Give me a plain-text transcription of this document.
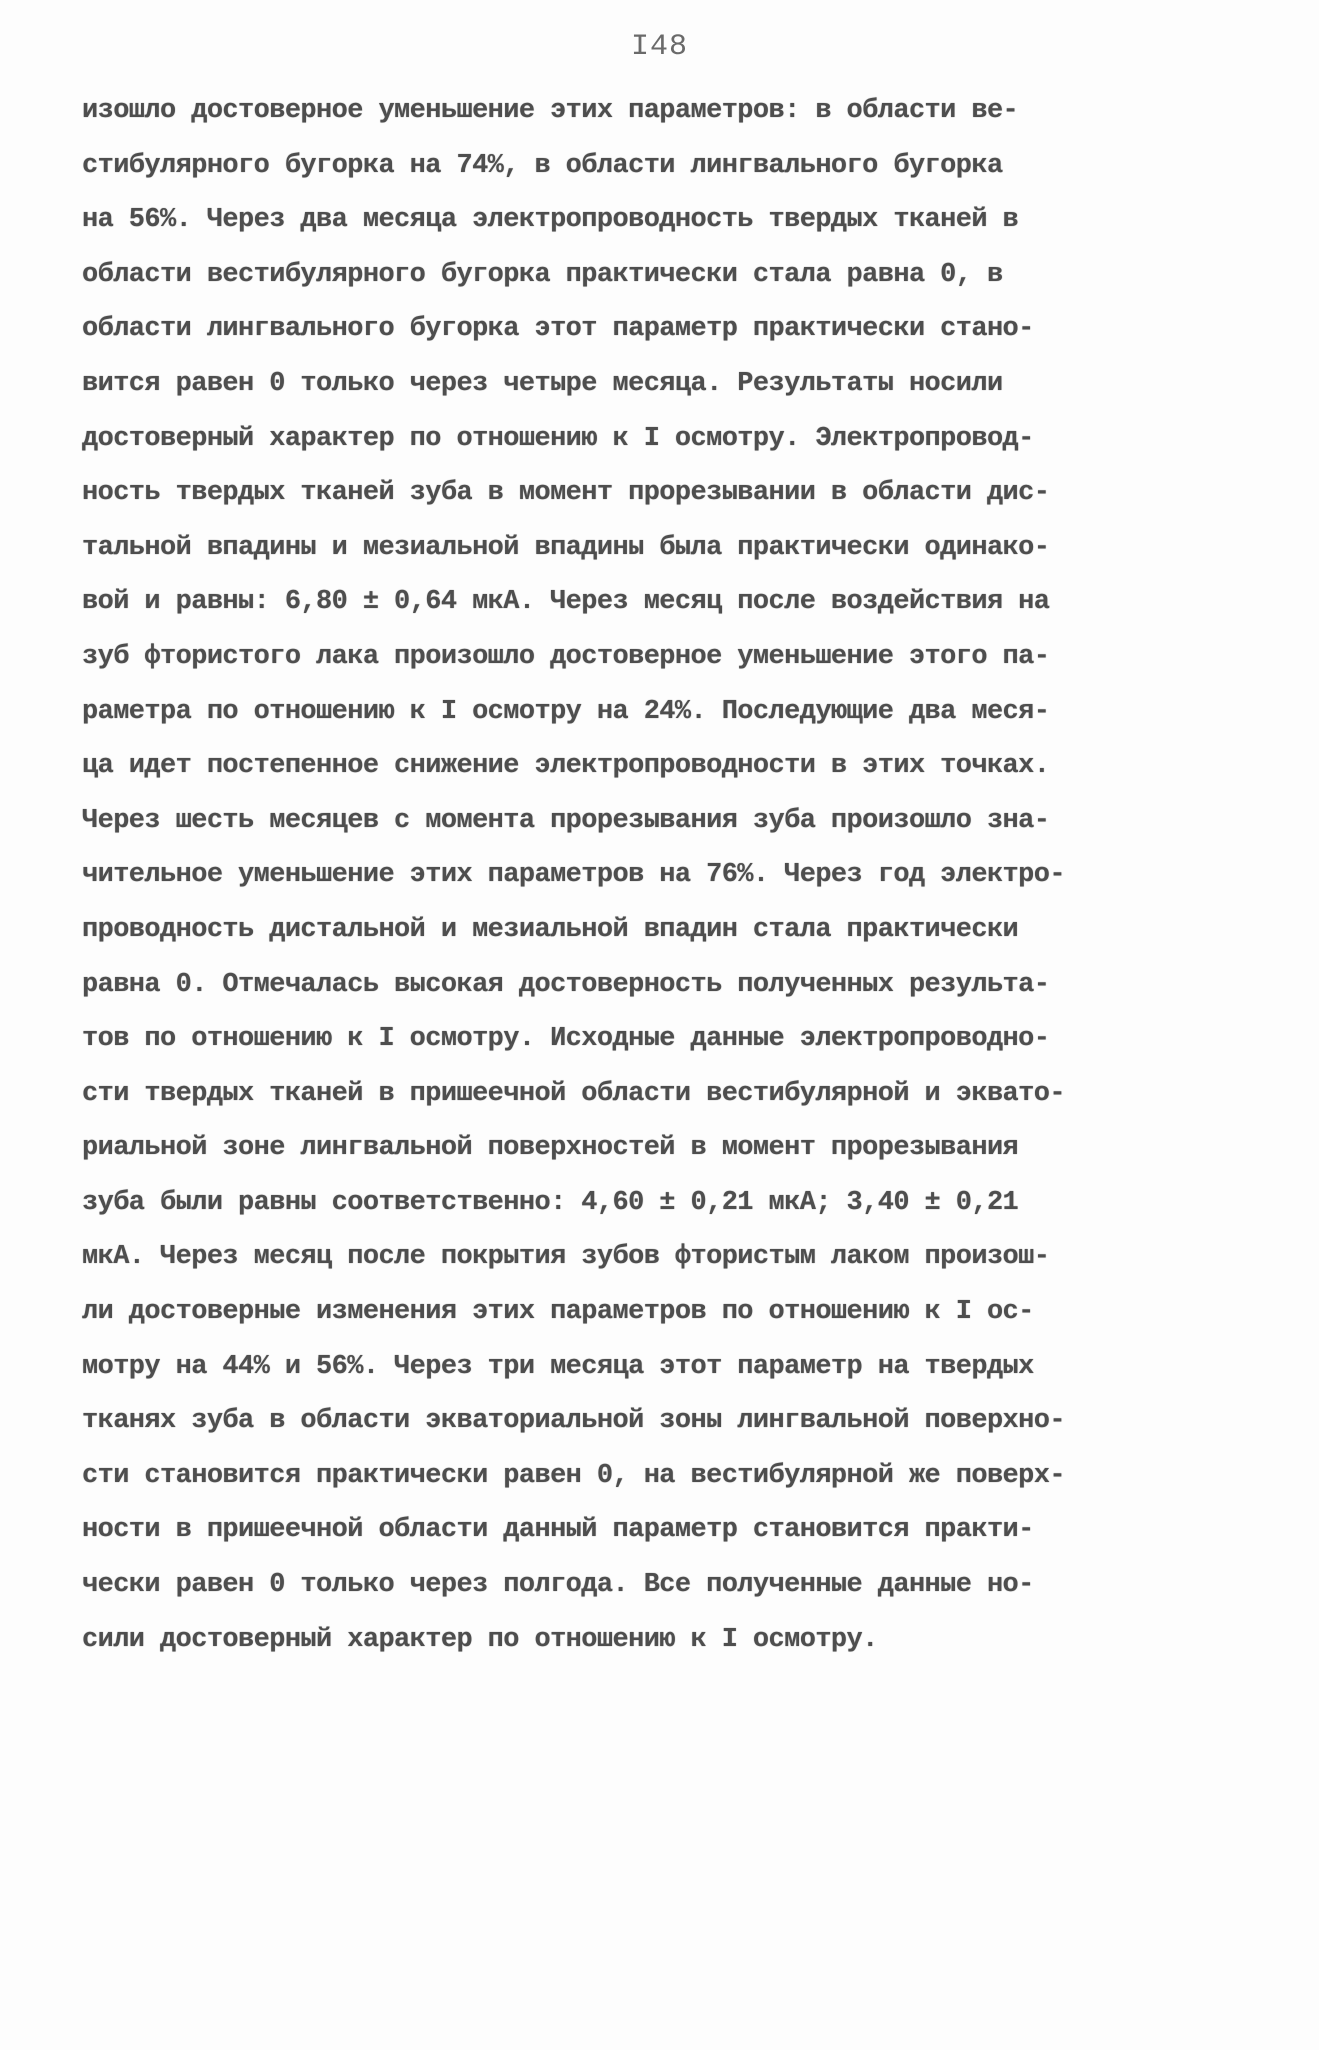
I48
изошло достоверное уменьшение этих параметров: в области ве-
стибулярного бугорка на 74%, в области лингвального бугорка
на 56%. Через два месяца электропроводность твердых тканей в
области вестибулярного бугорка практически стала равна 0, в
области лингвального бугорка этот параметр практически стано-
вится равен 0 только через четыре месяца. Результаты носили
достоверный характер по отношению к I осмотру. Электропровод-
ность твердых тканей зуба в момент прорезывании в области дис-
тальной впадины и мезиальной впадины была практически одинако-
вой и равны: 6,80 ± 0,64 мкА. Через месяц после воздействия на
зуб фтористого лака произошло достоверное уменьшение этого па-
раметра по отношению к I осмотру на 24%. Последующие два меся-
ца идет постепенное снижение электропроводности в этих точках.
Через шесть месяцев с момента прорезывания зуба произошло зна-
чительное уменьшение этих параметров на 76%. Через год электро-
проводность дистальной и мезиальной впадин стала практически
равна 0. Отмечалась высокая достоверность полученных результа-
тов по отношению к I осмотру. Исходные данные электропроводно-
сти твердых тканей в пришеечной области вестибулярной и эквато-
риальной зоне лингвальной поверхностей в момент прорезывания
зуба были равны соответственно: 4,60 ± 0,21 мкА; 3,40 ± 0,21
мкА. Через месяц после покрытия зубов фтористым лаком произош-
ли достоверные изменения этих параметров по отношению к I ос-
мотру на 44% и 56%. Через три месяца этот параметр на твердых
тканях зуба в области экваториальной зоны лингвальной поверхно-
сти становится практически равен 0, на вестибулярной же поверх-
ности в пришеечной области данный параметр становится практи-
чески равен 0 только через полгода. Все полученные данные но-
сили достоверный характер по отношению к I осмотру.
